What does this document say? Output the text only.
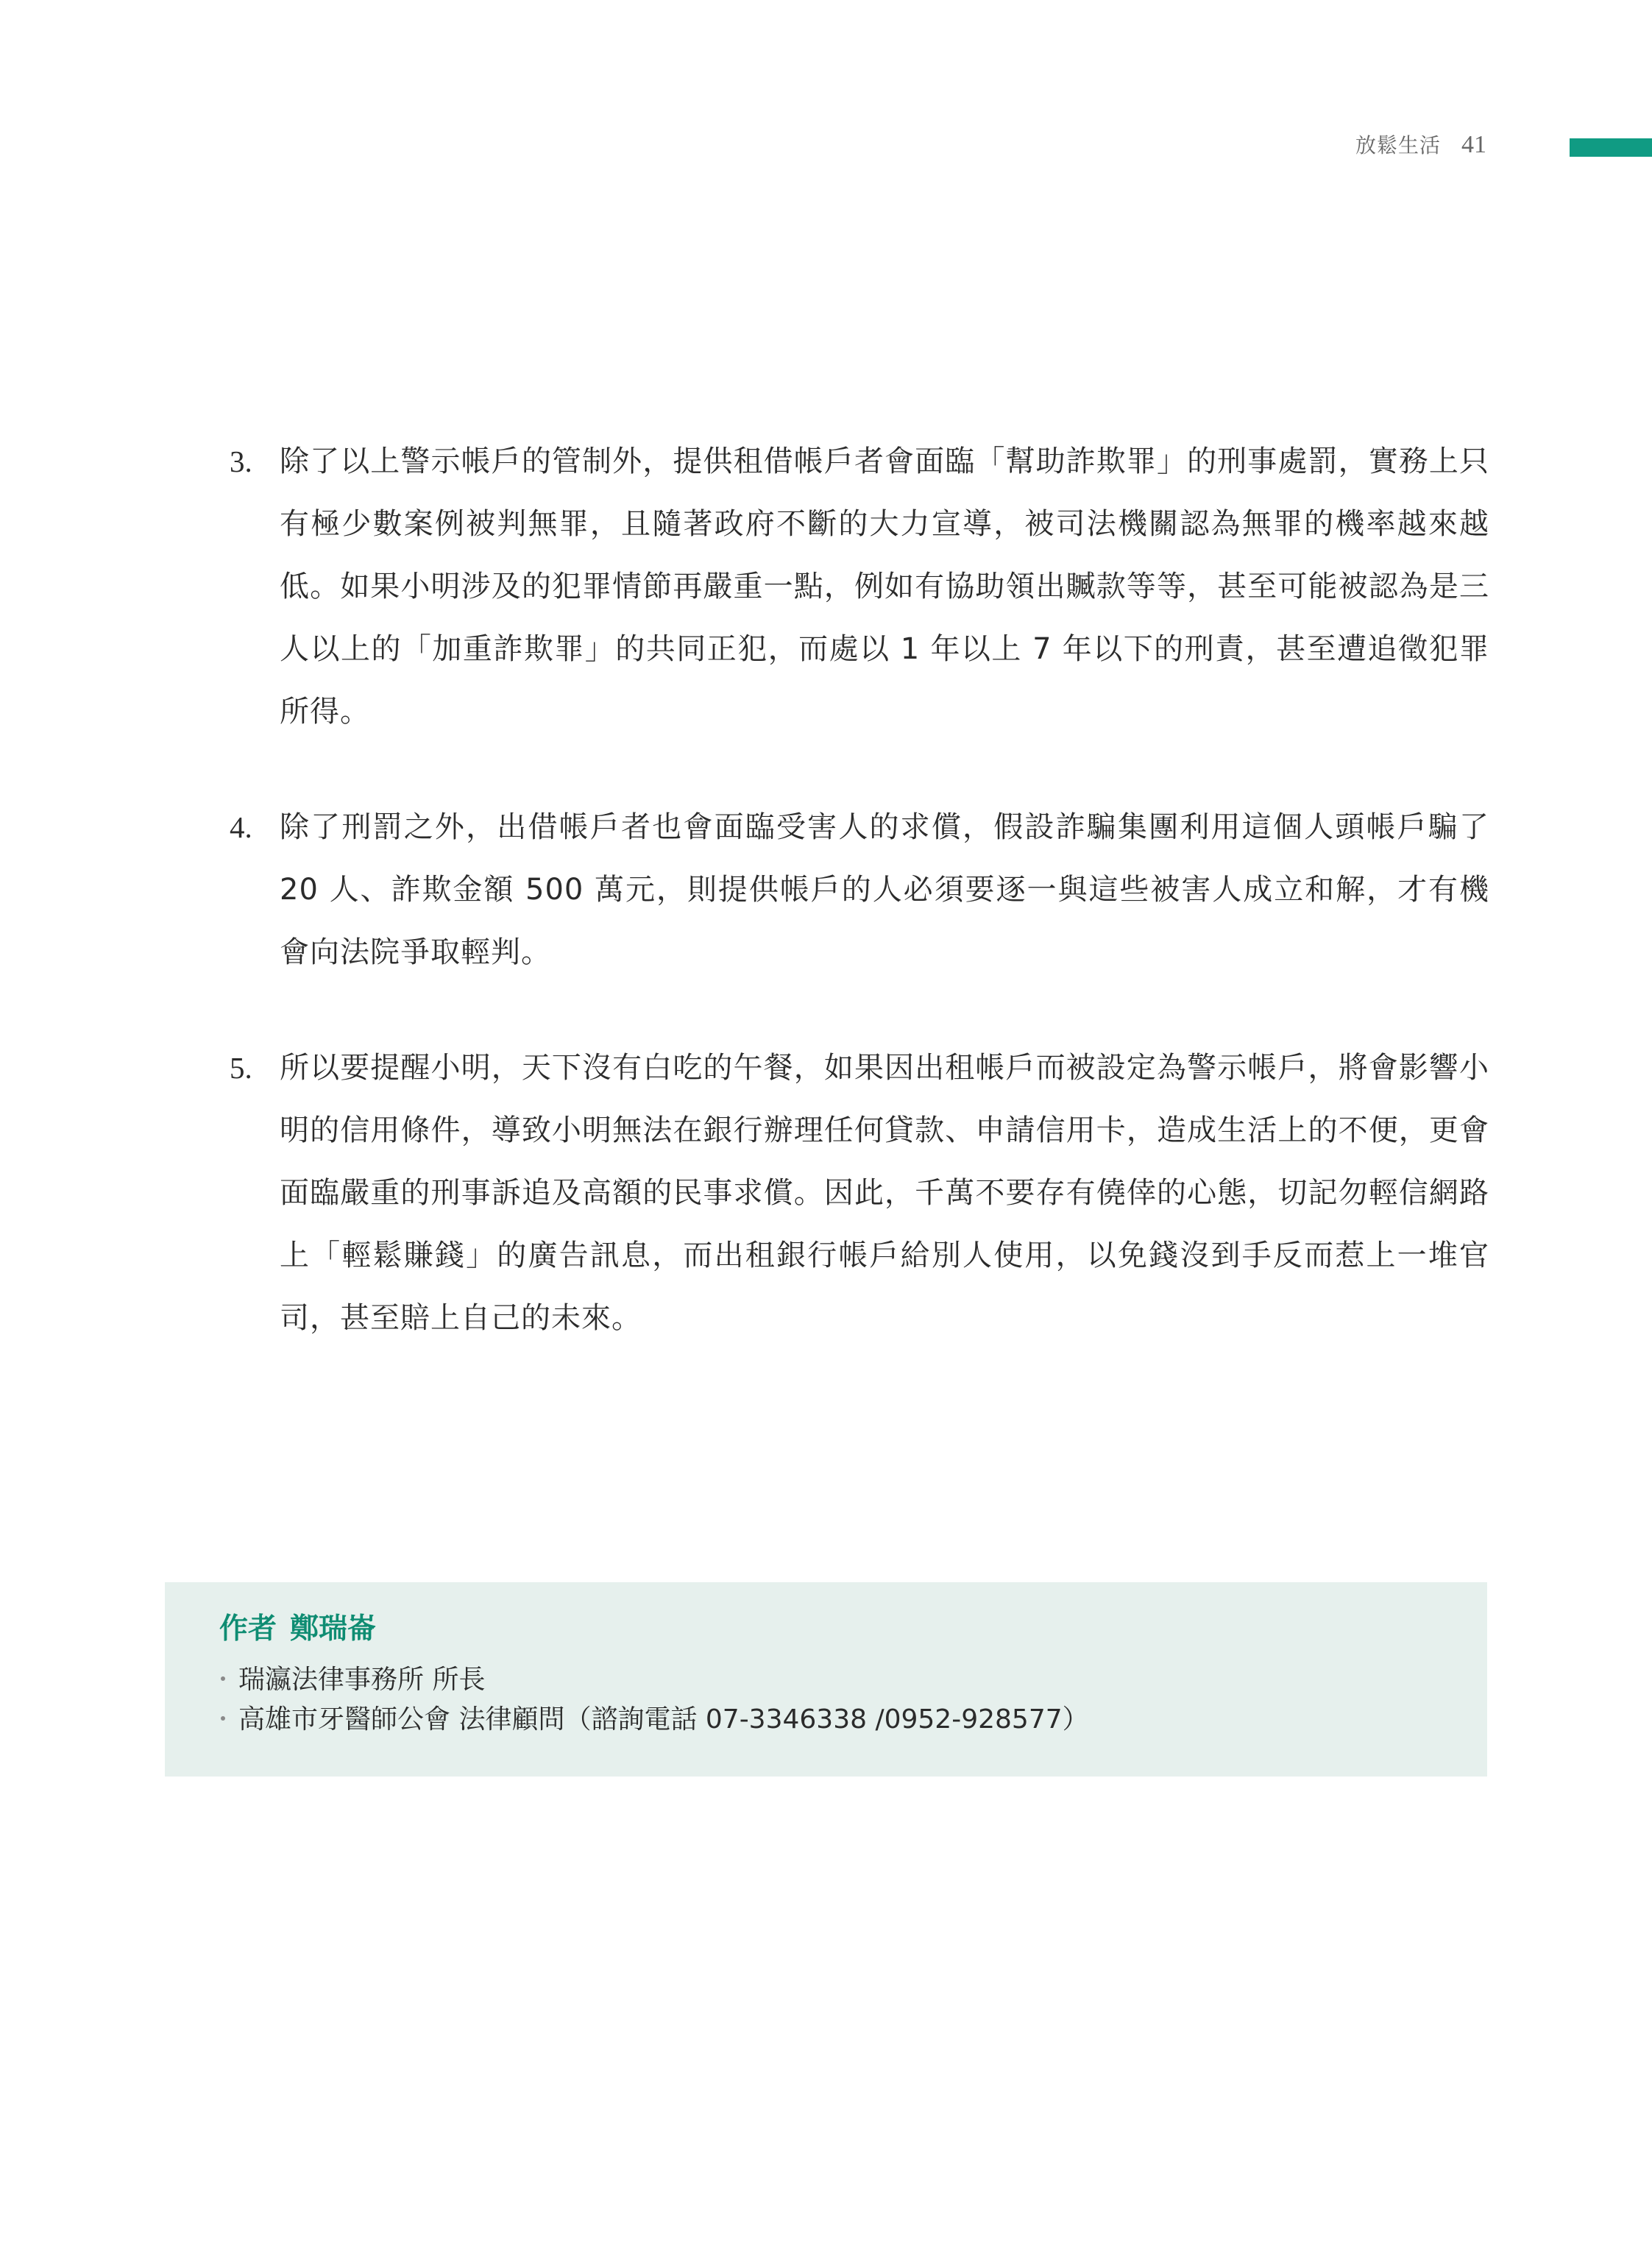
放鬆生活 41
3. 除了以上警示帳戶的管制外，提供租借帳戶者會面臨「幫助詐欺罪」的刑事處罰，實務上只有極少數案例被判無罪，且隨著政府不斷的大力宣導，被司法機關認為無罪的機率越來越低。如果小明涉及的犯罪情節再嚴重一點，例如有協助領出贓款等等，甚至可能被認為是三人以上的「加重詐欺罪」的共同正犯，而處以 1 年以上 7 年以下的刑責，甚至遭追徵犯罪所得。
4. 除了刑罰之外，出借帳戶者也會面臨受害人的求償，假設詐騙集團利用這個人頭帳戶騙了 20 人、詐欺金額 500 萬元，則提供帳戶的人必須要逐一與這些被害人成立和解，才有機會向法院爭取輕判。
5. 所以要提醒小明，天下沒有白吃的午餐，如果因出租帳戶而被設定為警示帳戶，將會影響小明的信用條件，導致小明無法在銀行辦理任何貸款、申請信用卡，造成生活上的不便，更會面臨嚴重的刑事訴追及高額的民事求償。因此，千萬不要存有僥倖的心態，切記勿輕信網路上「輕鬆賺錢」的廣告訊息，而出租銀行帳戶給別人使用，以免錢沒到手反而惹上一堆官司，甚至賠上自己的未來。
作者 鄭瑞崙
瑞瀛法律事務所 所長
高雄市牙醫師公會 法律顧問（諮詢電話 07-3346338 /0952-928577）
